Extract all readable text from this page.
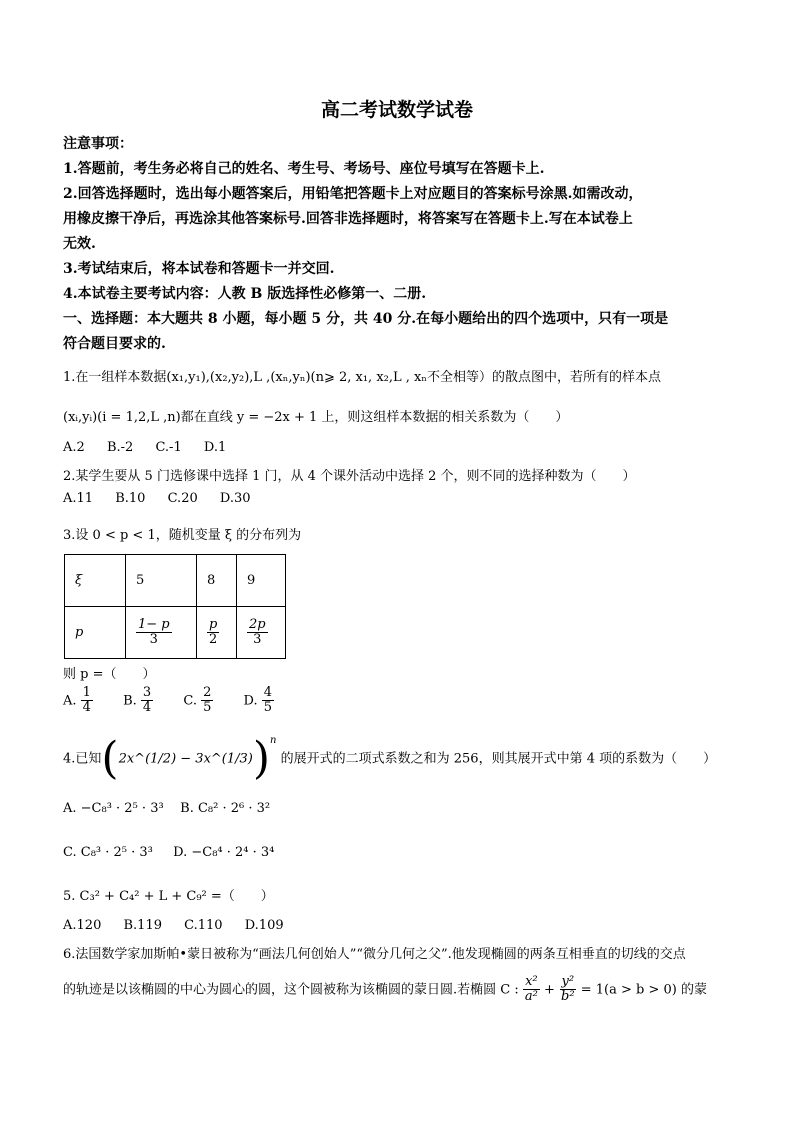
高二考试数学试卷
注意事项：
1.答题前，考生务必将自己的姓名、考生号、考场号、座位号填写在答题卡上.
2.回答选择题时，选出每小题答案后，用铅笔把答题卡上对应题目的答案标号涂黑.如需改动，
用橡皮擦干净后，再选涂其他答案标号.回答非选择题时，将答案写在答题卡上.写在本试卷上
无效.
3.考试结束后，将本试卷和答题卡一并交回.
4.本试卷主要考试内容：人教 B 版选择性必修第一、二册.
一、选择题：本大题共 8 小题，每小题 5 分，共 40 分.在每小题给出的四个选项中，只有一项是
符合题目要求的.
1.在一组样本数据(x₁,y₁),(x₂,y₂),L ,(xₙ,yₙ)(n⩾ 2, x₁, x₂,L , xₙ不全相等）的散点图中，若所有的样本点
(xᵢ,yᵢ)(i = 1,2,L ,n)都在直线 y = −2x + 1 上，则这组样本数据的相关系数为（　　）
A.2 B.-2 C.-1 D.1
2.某学生要从 5 门选修课中选择 1 门，从 4 个课外活动中选择 2 个，则不同的选择种数为（　　）
A.11 B.10 C.20 D.30
3.设 0 < p < 1，随机变量 ξ 的分布列为
ξ	5	8	9
p	$\frac{1- p}{3}$	$\frac{p}{2}$	$\frac{2p}{3}$
则 p =（　　）
A. $\frac{1}{4} B$. $\frac{3}{4} C$. $\frac{2}{5} D$. $\frac{4}{5}$
4.已知(2x^(1/2) − 3x^(1/3))$^n$ 的展开式的二项式系数之和为 256，则其展开式中第 4 项的系数为（　　）
A. −C₈³ · 2⁵ · 3³ B. C₈² · 2⁶ · 3²
C. C₈³ · 2⁵ · 3³ D. −C₈⁴ · 2⁴ · 3⁴
5. C₃² + C₄² + L + C₉² =（　　）
A.120 B.119 C.110 D.109
6.法国数学家加斯帕•蒙日被称为“画法几何创始人”“微分几何之父”.他发现椭圆的两条互相垂直的切线的交点
的轨迹是以该椭圆的中心为圆心的圆，这个圆被称为该椭圆的蒙日圆.若椭圆 C : $\frac{\text{x²}}{\text{a²}} + \frac{\text{y²}}{\text{b²}} = 1(a > b > 0)$ 的蒙
